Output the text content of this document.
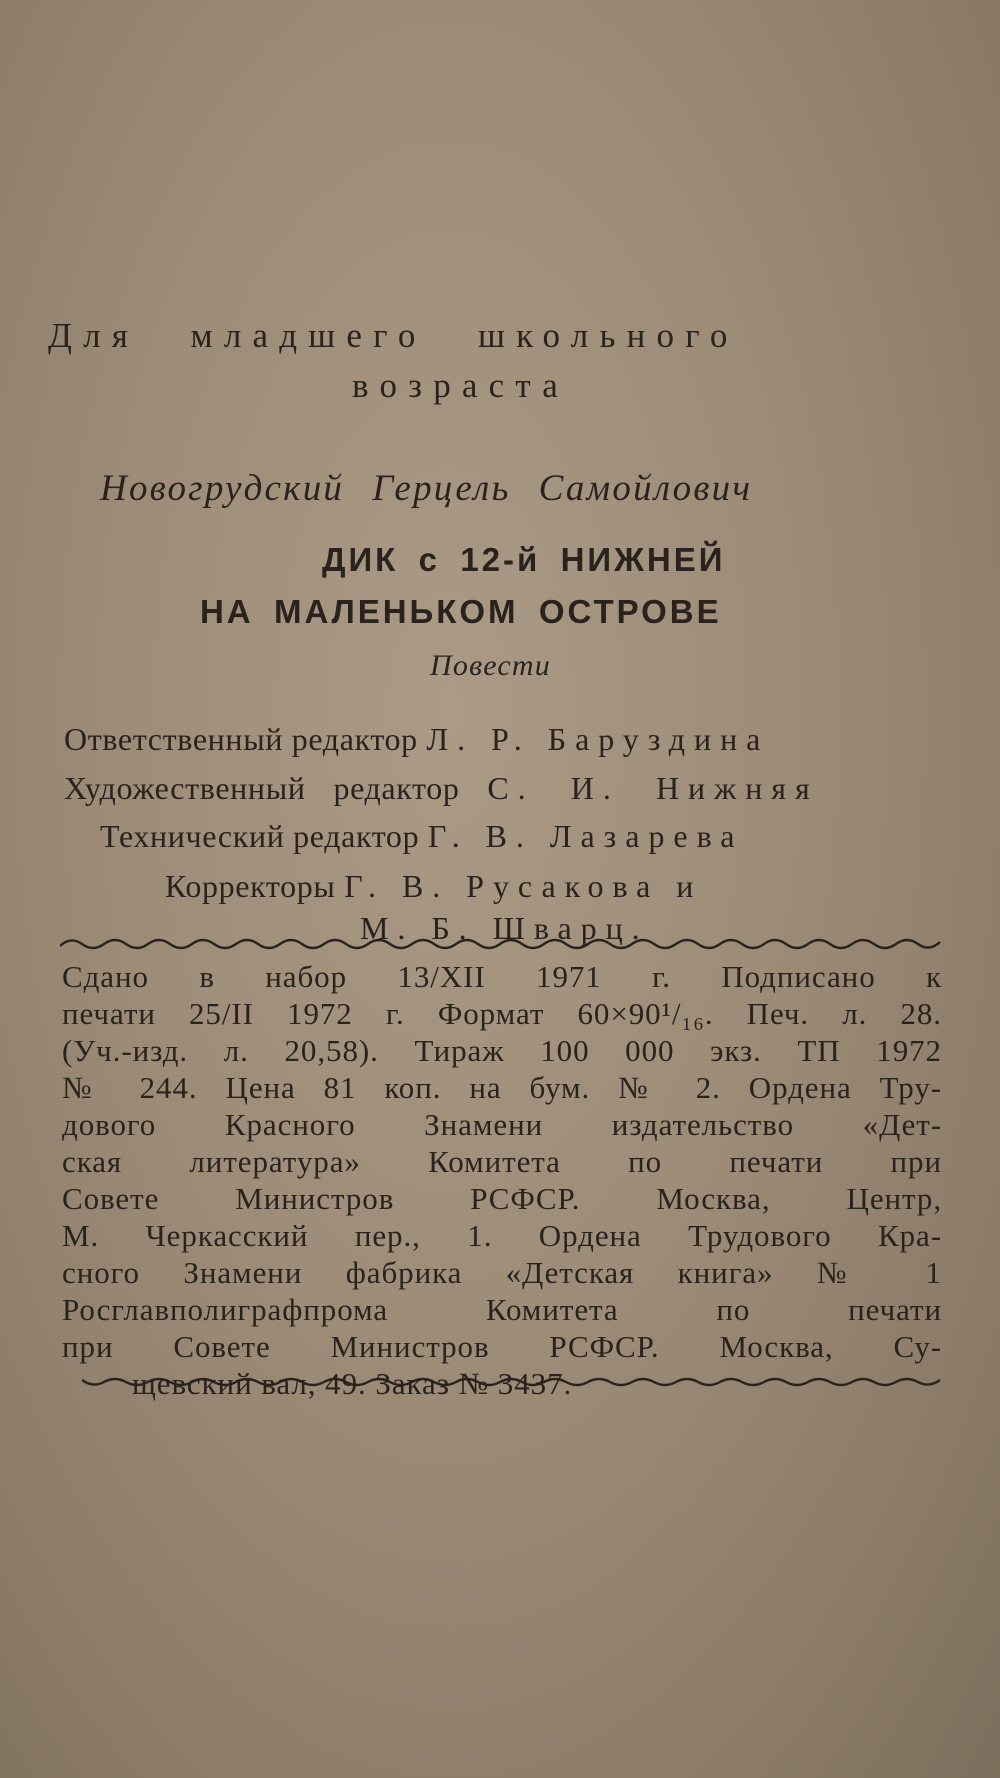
Для младшего школьного
возраста
Новогрудский Герцель Самойлович
ДИК с 12-й НИЖНЕЙ
НА МАЛЕНЬКОМ ОСТРОВЕ
Повести
Ответственный редактор Л. Р. Баруздина
Художественный редактор С. И. Нижняя
Технический редактор Г. В. Лазарева
Корректоры Г. В. Русакова и
М. Б. Шварц.
Сдано в набор 13/XII 1971 г. Подписано к
печати 25/II 1972 г. Формат 60×90¹/₁₆. Печ. л. 28.
(Уч.-изд. л. 20,58). Тираж 100 000 экз. ТП 1972
№ 244. Цена 81 коп. на бум. № 2. Ордена Тру-
дового Красного Знамени издательство «Дет-
ская литература» Комитета по печати при
Совете Министров РСФСР. Москва, Центр,
М. Черкасский пер., 1. Ордена Трудового Кра-
сного Знамени фабрика «Детская книга» № 1
Росглавполиграфпрома Комитета по печати
при Совете Министров РСФСР. Москва, Су-
щевский вал, 49. Заказ № 3437.
